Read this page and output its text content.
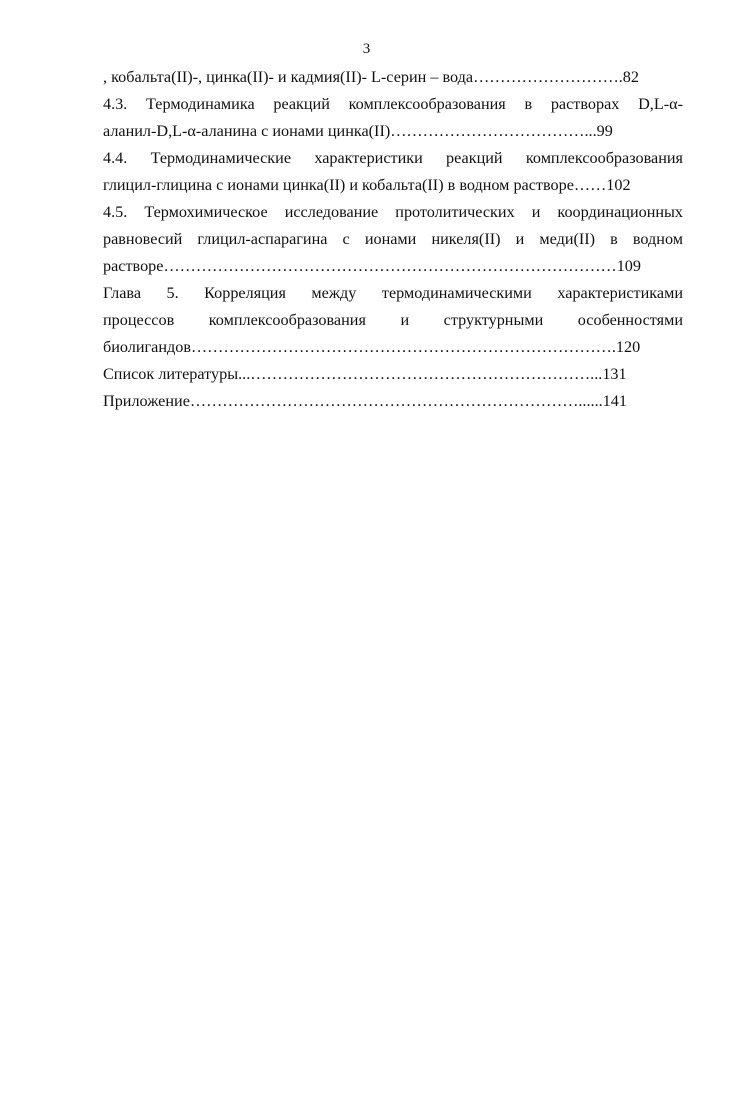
3
, кобальта(II)-, цинка(II)- и кадмия(II)- L-серин – вода……………………….82
4.3. Термодинамика реакций комплексообразования в растворах D,L-α-
аланил-D,L-α-аланина с ионами цинка(II)………………………………...99
4.4. Термодинамические характеристики реакций комплексообразования
глицил-глицина с ионами цинка(II) и кобальта(II) в водном растворе……102
4.5. Термохимическое исследование протолитических и координационных
равновесий глицил-аспарагина с ионами никеля(II) и меди(II) в водном
растворе…………………………………………………………………………109
Глава 5. Корреляция между термодинамическими характеристиками
процессов комплексообразования и структурными особенностями
биолигандов…………………………………………………………………….120
Список литературы...………………………………………………………...131
Приложение………………………………………………………………......141
